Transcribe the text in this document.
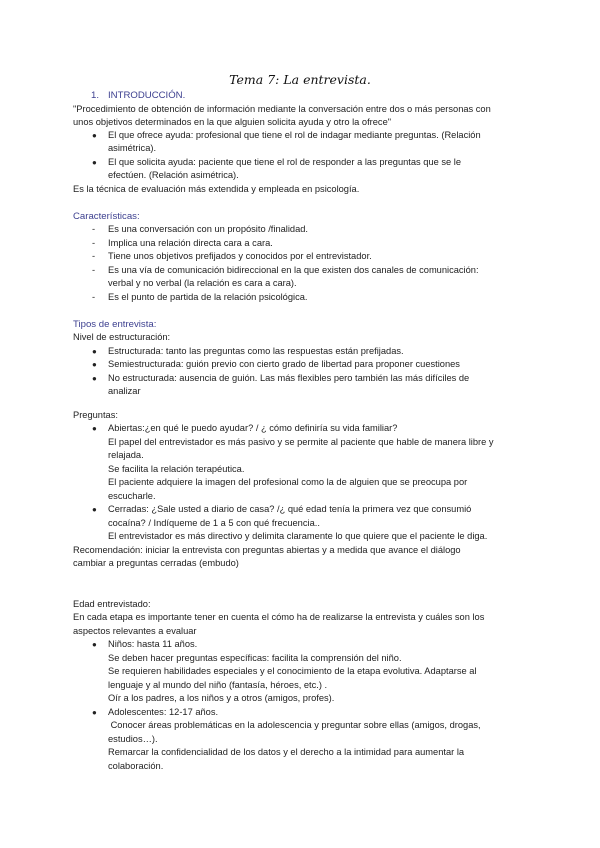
Tema 7: La entrevista.
1. INTRODUCCIÓN.
"Procedimiento de obtención de información mediante la conversación entre dos o más personas con
unos objetivos determinados en la que alguien solicita ayuda y otro la ofrece"
● El que ofrece ayuda: profesional que tiene el rol de indagar mediante preguntas. (Relación
asimétrica).
● El que solicita ayuda: paciente que tiene el rol de responder a las preguntas que se le
efectúen. (Relación asimétrica).
Es la técnica de evaluación más extendida y empleada en psicología.
Características:
- Es una conversación con un propósito /finalidad.
- Implica una relación directa cara a cara.
- Tiene unos objetivos prefijados y conocidos por el entrevistador.
- Es una vía de comunicación bidireccional en la que existen dos canales de comunicación:
verbal y no verbal (la relación es cara a cara).
- Es el punto de partida de la relación psicológica.
Tipos de entrevista:
Nivel de estructuración:
● Estructurada: tanto las preguntas como las respuestas están prefijadas.
● Semiestructurada: guión previo con cierto grado de libertad para proponer cuestiones
● No estructurada: ausencia de guión. Las más flexibles pero también las más difíciles de
analizar
Preguntas:
● Abiertas:¿en qué le puedo ayudar? / ¿ cómo definiría su vida familiar?
El papel del entrevistador es más pasivo y se permite al paciente que hable de manera libre y
relajada.
Se facilita la relación terapéutica.
El paciente adquiere la imagen del profesional como la de alguien que se preocupa por
escucharle.
● Cerradas: ¿Sale usted a diario de casa? /¿ qué edad tenía la primera vez que consumió
cocaína? / Indíqueme de 1 a 5 con qué frecuencia..
El entrevistador es más directivo y delimita claramente lo que quiere que el paciente le diga.
Recomendación: iniciar la entrevista con preguntas abiertas y a medida que avance el diálogo
cambiar a preguntas cerradas (embudo)
Edad entrevistado:
En cada etapa es importante tener en cuenta el cómo ha de realizarse la entrevista y cuáles son los
aspectos relevantes a evaluar
● Niños: hasta 11 años.
Se deben hacer preguntas específicas: facilita la comprensión del niño.
Se requieren habilidades especiales y el conocimiento de la etapa evolutiva. Adaptarse al
lenguaje y al mundo del niño (fantasía, héroes, etc.) .
Oír a los padres, a los niños y a otros (amigos, profes).
● Adolescentes: 12-17 años.
Conocer áreas problemáticas en la adolescencia y preguntar sobre ellas (amigos, drogas,
estudios…).
Remarcar la confidencialidad de los datos y el derecho a la intimidad para aumentar la
colaboración.
